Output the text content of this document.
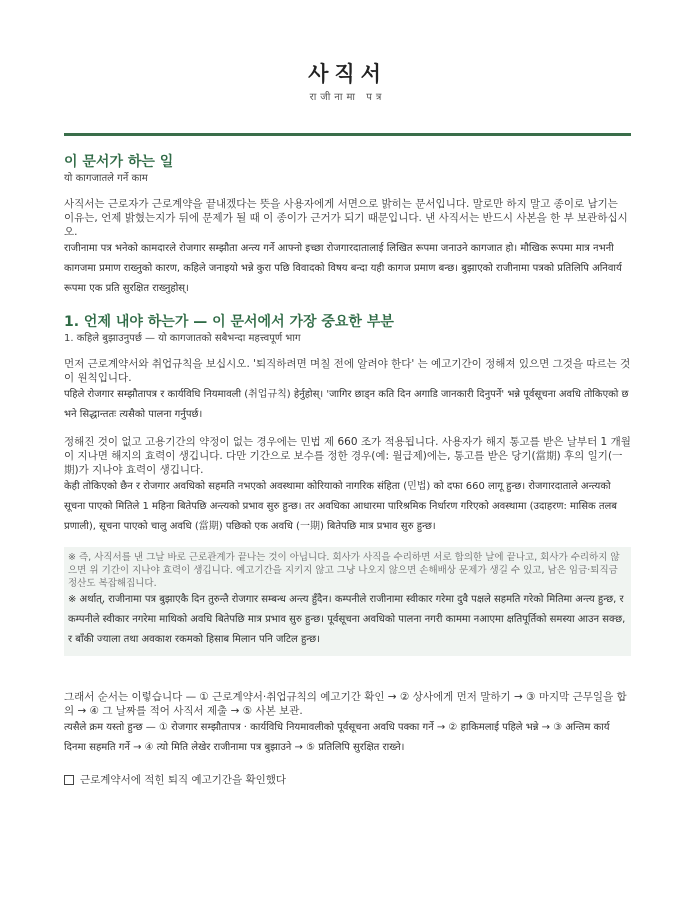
사직서
राजीनामा पत्र
이 문서가 하는 일
यो कागजातले गर्ने काम

사직서는 근로자가 근로계약을 끝내겠다는 뜻을 사용자에게 서면으로 밝히는 문서입니다. 말로만 하지 말고 종이로 남기는 이유는, 언제 밝혔는지가 뒤에 문제가 될 때 이 종이가 근거가 되기 때문입니다. 낸 사직서는 반드시 사본을 한 부 보관하십시오.

राजीनामा पत्र भनेको कामदारले रोजगार सम्झौता अन्त्य गर्ने आफ्नो इच्छा रोजगारदातालाई लिखित रूपमा जनाउने कागजात हो। मौखिक रूपमा मात्र नभनी कागजमा प्रमाण राख्नुको कारण, कहिले जनाइयो भन्ने कुरा पछि विवादको विषय बन्दा यही कागज प्रमाण बन्छ। बुझाएको राजीनामा पत्रको प्रतिलिपि अनिवार्य रूपमा एक प्रति सुरक्षित राख्नुहोस्।

1. 언제 내야 하는가 — 이 문서에서 가장 중요한 부분
1. कहिले बुझाउनुपर्छ — यो कागजातको सबैभन्दा महत्त्वपूर्ण भाग

먼저 근로계약서와 취업규칙을 보십시오. '퇴직하려면 며칠 전에 알려야 한다' 는 예고기간이 정해져 있으면 그것을 따르는 것이 원칙입니다.

पहिले रोजगार सम्झौतापत्र र कार्यविधि नियमावली (취업규칙) हेर्नुहोस्। 'जागिर छाड्न कति दिन अगाडि जानकारी दिनुपर्ने' भन्ने पूर्वसूचना अवधि तोकिएको छ भने सिद्धान्ततः त्यसैको पालना गर्नुपर्छ।

정해진 것이 없고 고용기간의 약정이 없는 경우에는 민법 제 660 조가 적용됩니다. 사용자가 해지 통고를 받은 날부터 1 개월이 지나면 해지의 효력이 생깁니다. 다만 기간으로 보수를 정한 경우(예: 월급제)에는, 통고를 받은 당기(當期) 후의 일기(一期)가 지나야 효력이 생깁니다.

केही तोकिएको छैन र रोजगार अवधिको सहमति नभएको अवस्थामा कोरियाको नागरिक संहिता (민법) को दफा 660 लागू हुन्छ। रोजगारदाताले अन्त्यको सूचना पाएको मितिले 1 महिना बितेपछि अन्त्यको प्रभाव सुरु हुन्छ। तर अवधिका आधारमा पारिश्रमिक निर्धारण गरिएको अवस्थामा (उदाहरण: मासिक तलब प्रणाली), सूचना पाएको चालु अवधि (當期) पछिको एक अवधि (一期) बितेपछि मात्र प्रभाव सुरु हुन्छ।

※ 즉, 사직서를 낸 그날 바로 근로관계가 끝나는 것이 아닙니다. 회사가 사직을 수리하면 서로 합의한 날에 끝나고, 회사가 수리하지 않으면 위 기간이 지나야 효력이 생깁니다. 예고기간을 지키지 않고 그냥 나오지 않으면 손해배상 문제가 생길 수 있고, 남은 임금·퇴직금 정산도 복잡해집니다.

※ अर्थात्, राजीनामा पत्र बुझाएकै दिन तुरुन्तै रोजगार सम्बन्ध अन्त्य हुँदैन। कम्पनीले राजीनामा स्वीकार गरेमा दुवै पक्षले सहमति गरेको मितिमा अन्त्य हुन्छ, र कम्पनीले स्वीकार नगरेमा माथिको अवधि बितेपछि मात्र प्रभाव सुरु हुन्छ। पूर्वसूचना अवधिको पालना नगरी काममा नआएमा क्षतिपूर्तिको समस्या आउन सक्छ, र बाँकी ज्याला तथा अवकाश रकमको हिसाब मिलान पनि जटिल हुन्छ।

그래서 순서는 이렇습니다 — ① 근로계약서·취업규칙의 예고기간 확인 → ② 상사에게 먼저 말하기 → ③ 마지막 근무일을 합의 → ④ 그 날짜를 적어 사직서 제출 → ⑤ 사본 보관.

त्यसैले क्रम यस्तो हुन्छ — ① रोजगार सम्झौतापत्र · कार्यविधि नियमावलीको पूर्वसूचना अवधि पक्का गर्ने → ② हाकिमलाई पहिले भन्ने → ③ अन्तिम कार्य दिनमा सहमति गर्ने → ④ त्यो मिति लेखेर राजीनामा पत्र बुझाउने → ⑤ प्रतिलिपि सुरक्षित राख्ने।

근로계약서에 적힌 퇴직 예고기간을 확인했다
